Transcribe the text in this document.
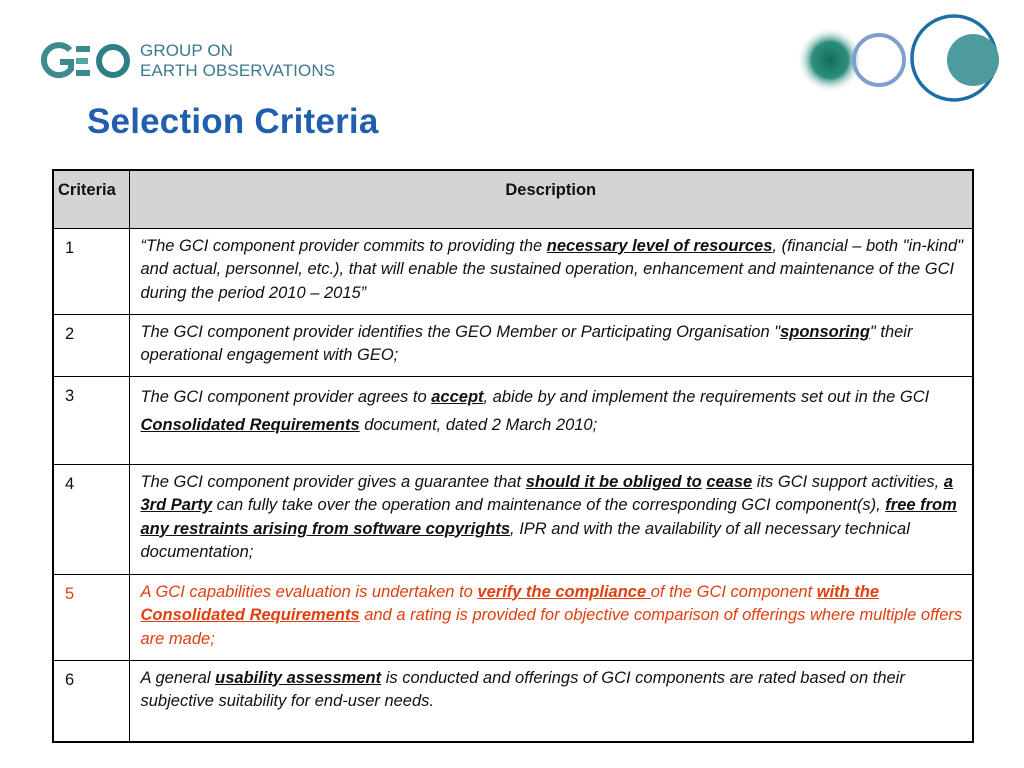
GROUP ON
EARTH OBSERVATIONS
Selection Criteria
Criteria	Description
1	“The GCI component provider commits to providing the necessary level of resources, (financial – both "in-kind" and actual, personnel, etc.), that will enable the sustained operation, enhancement and maintenance of the GCI during the period 2010 – 2015”
2	The GCI component provider identifies the GEO Member or Participating Organisation "sponsoring" their operational engagement with GEO;
3	The GCI component provider agrees to accept, abide by and implement the requirements set out in the GCI Consolidated Requirements document, dated 2 March 2010;
4	The GCI component provider gives a guarantee that should it be obliged to cease its GCI support activities, a 3rd Party can fully take over the operation and maintenance of the corresponding GCI component(s), free from any restraints arising from software copyrights, IPR and with the availability of all necessary technical documentation;
5	A GCI capabilities evaluation is undertaken to verify the compliance of the GCI component with the Consolidated Requirements and a rating is provided for objective comparison of offerings where multiple offers are made;
6	A general usability assessment is conducted and offerings of GCI components are rated based on their subjective suitability for end-user needs.
